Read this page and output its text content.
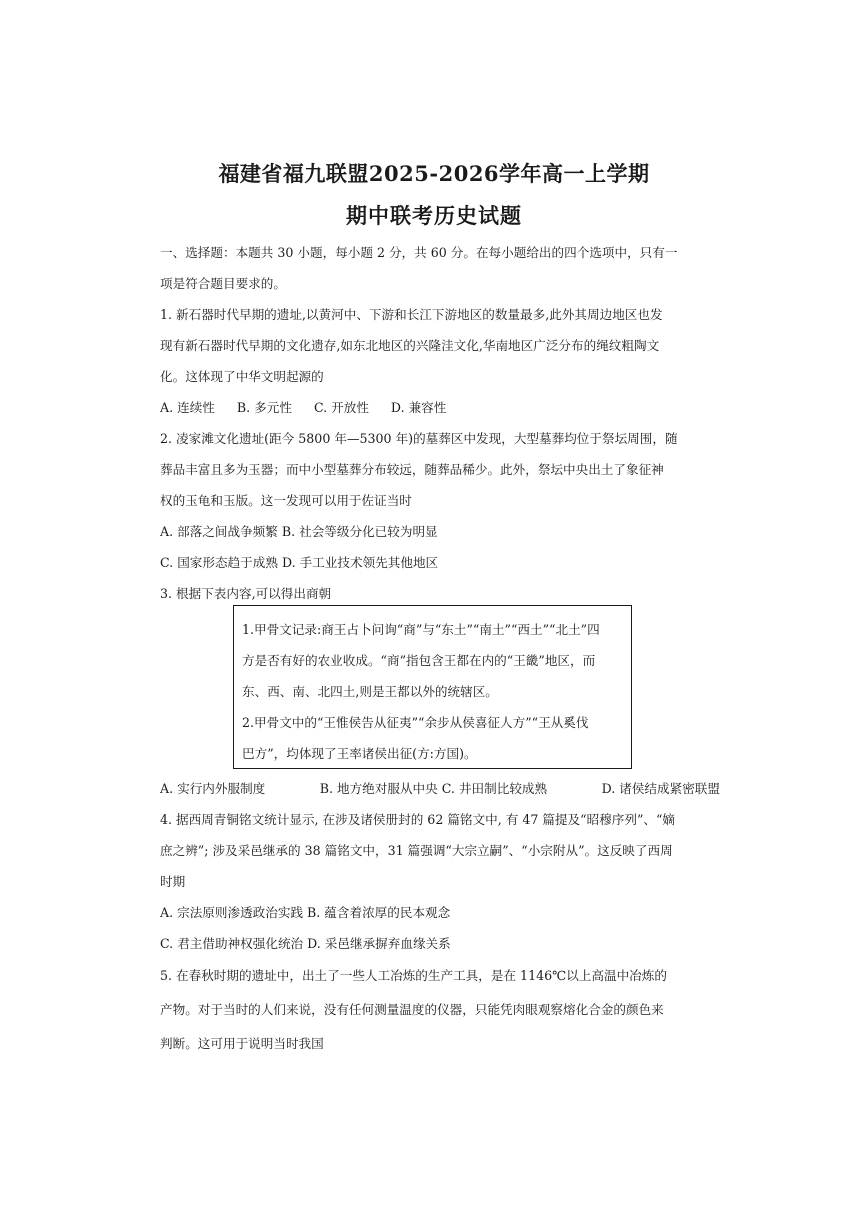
福建省福九联盟2025-2026学年高一上学期
期中联考历史试题
一、选择题：本题共 30 小题，每小题 2 分，共 60 分。在每小题给出的四个选项中，只有一
项是符合题目要求的。
1. 新石器时代早期的遗址,以黄河中、下游和长江下游地区的数量最多,此外其周边地区也发
现有新石器时代早期的文化遗存,如东北地区的兴隆洼文化,华南地区广泛分布的绳纹粗陶文
化。这体现了中华文明起源的
A. 连续性 B. 多元性 C. 开放性 D. 兼容性
2. 凌家滩文化遗址(距今 5800 年—5300 年)的墓葬区中发现，大型墓葬均位于祭坛周围，随
葬品丰富且多为玉器；而中小型墓葬分布较远，随葬品稀少。此外，祭坛中央出土了象征神
权的玉龟和玉版。这一发现可以用于佐证当时
A. 部落之间战争频繁 B. 社会等级分化已较为明显
C. 国家形态趋于成熟 D. 手工业技术领先其他地区
3. 根据下表内容,可以得出商朝
1.甲骨文记录:商王占卜问询“商”与“东土”“南土”“西土”“北土”四
方是否有好的农业收成。“商”指包含王都在内的“王畿”地区，而
东、西、南、北四土,则是王都以外的统辖区。
2.甲骨文中的“王惟侯告从征夷”“余步从侯喜征人方”“王从奚伐
巴方”，均体现了王率诸侯出征(方:方国)。
A. 实行内外服制度	B. 地方绝对服从中央 C. 井田制比较成熟	D. 诸侯结成紧密联盟
4. 据西周青铜铭文统计显示, 在涉及诸侯册封的 62 篇铭文中, 有 47 篇提及“昭穆序列”、“嫡
庶之辨”; 涉及采邑继承的 38 篇铭文中，31 篇强调“大宗立嗣”、“小宗附从”。这反映了西周
时期
A. 宗法原则渗透政治实践 B. 蕴含着浓厚的民本观念
C. 君主借助神权强化统治 D. 采邑继承摒弃血缘关系
5. 在春秋时期的遗址中，出土了一些人工冶炼的生产工具，是在 1146℃以上高温中冶炼的
产物。对于当时的人们来说，没有任何测量温度的仪器，只能凭肉眼观察熔化合金的颜色来
判断。这可用于说明当时我国
